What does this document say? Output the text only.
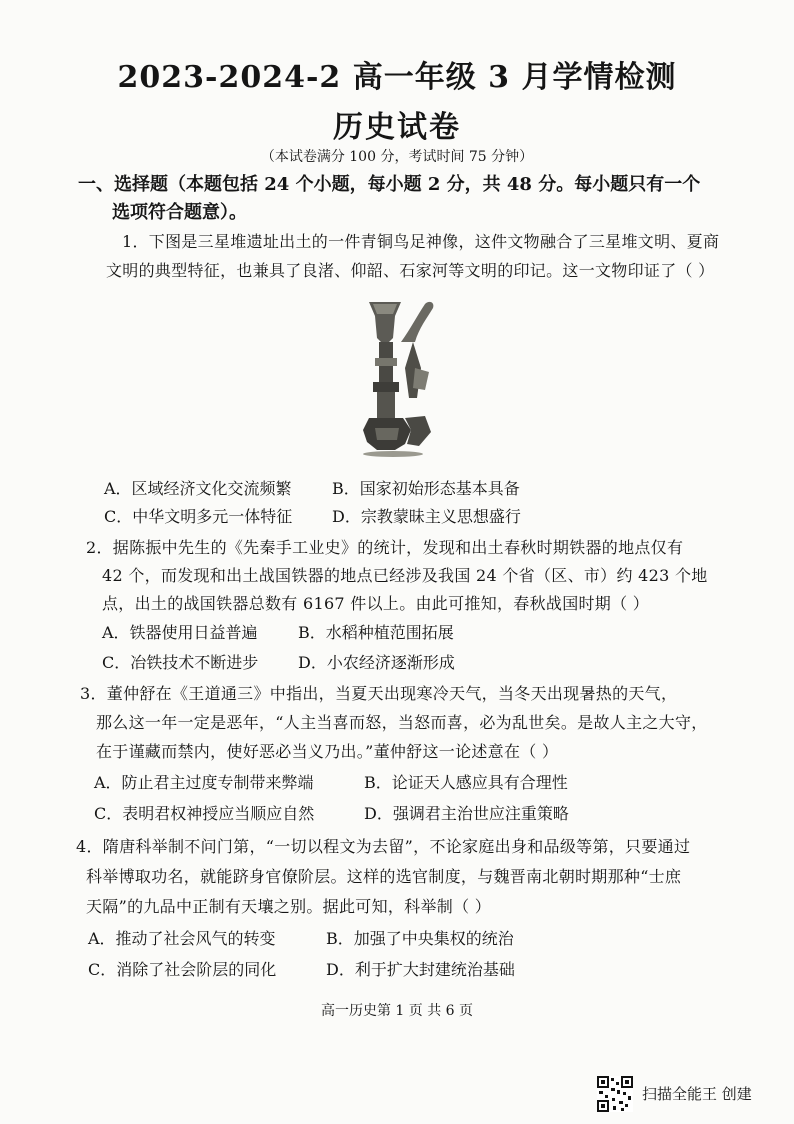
2023-2024-2 高一年级 3 月学情检测
历史试卷
（本试卷满分 100 分，考试时间 75 分钟）
一、选择题（本题包括 24 个小题，每小题 2 分，共 48 分。每小题只有一个
选项符合题意）。
1．下图是三星堆遗址出土的一件青铜鸟足神像，这件文物融合了三星堆文明、夏商
文明的典型特征，也兼具了良渚、仰韶、石家河等文明的印记。这一文物印证了（ ）
A．区域经济文化交流频繁	B．国家初始形态基本具备
C．中华文明多元一体特征 D．宗教蒙昧主义思想盛行
2．据陈振中先生的《先秦手工业史》的统计，发现和出土春秋时期铁器的地点仅有
42 个，而发现和出土战国铁器的地点已经涉及我国 24 个省（区、市）约 423 个地
点，出土的战国铁器总数有 6167 件以上。由此可推知，春秋战国时期（ ）
A．铁器使用日益普遍	B．水稻种植范围拓展
C．冶铁技术不断进步 D．小农经济逐渐形成
3．董仲舒在《王道通三》中指出，当夏天出现寒冷天气，当冬天出现暑热的天气，
那么这一年一定是恶年，“人主当喜而怒，当怒而喜，必为乱世矣。是故人主之大守，
在于谨藏而禁内，使好恶必当义乃出。”董仲舒这一论述意在（ ）
A．防止君主过度专制带来弊端	B．论证天人感应具有合理性
C．表明君权神授应当顺应自然	D．强调君主治世应注重策略
4．隋唐科举制不问门第，“一切以程文为去留”，不论家庭出身和品级等第，只要通过
科举博取功名，就能跻身官僚阶层。这样的选官制度，与魏晋南北朝时期那种“士庶
天隔”的九品中正制有天壤之别。据此可知，科举制（ ）
A．推动了社会风气的转变	B．加强了中央集权的统治
C．消除了社会阶层的同化	D．利于扩大封建统治基础
高一历史第 1 页 共 6 页
扫描全能王 创建
